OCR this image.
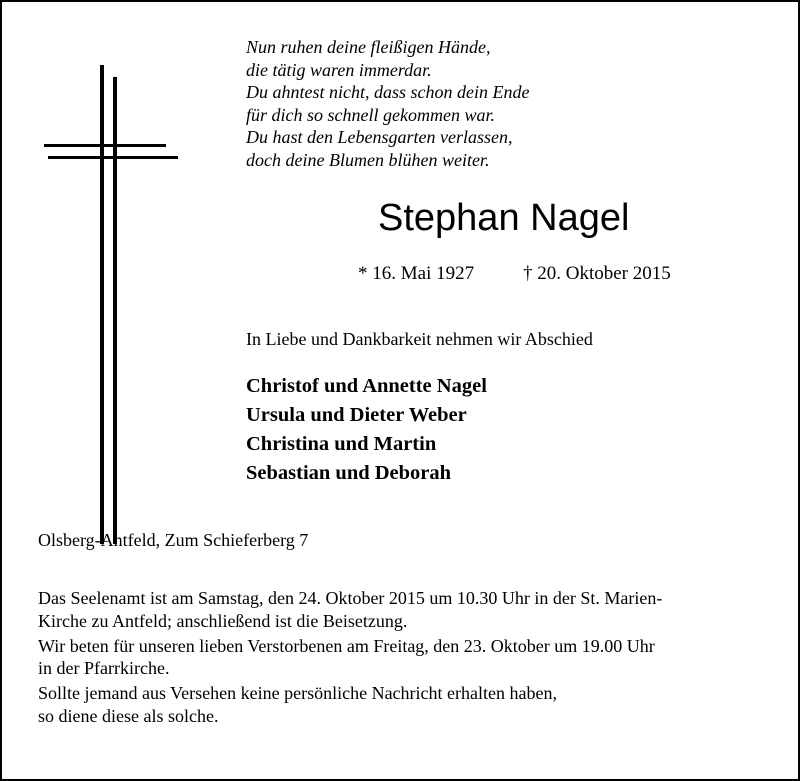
Nun ruhen deine fleißigen Hände,
die tätig waren immerdar.
Du ahntest nicht, dass schon dein Ende
für dich so schnell gekommen war.
Du hast den Lebensgarten verlassen,
doch deine Blumen blühen weiter.
Stephan Nagel
* 16. Mai 1927	† 20. Oktober 2015
In Liebe und Dankbarkeit nehmen wir Abschied
Christof und Annette Nagel
Ursula und Dieter Weber
Christina und Martin
Sebastian und Deborah
Olsberg-Antfeld, Zum Schieferberg 7

Das Seelenamt ist am Samstag, den 24. Oktober 2015 um 10.30 Uhr in der St. Marien-
Kirche zu Antfeld; anschließend ist die Beisetzung.

Wir beten für unseren lieben Verstorbenen am Freitag, den 23. Oktober um 19.00 Uhr
in der Pfarrkirche.

Sollte jemand aus Versehen keine persönliche Nachricht erhalten haben,
so diene diese als solche.
